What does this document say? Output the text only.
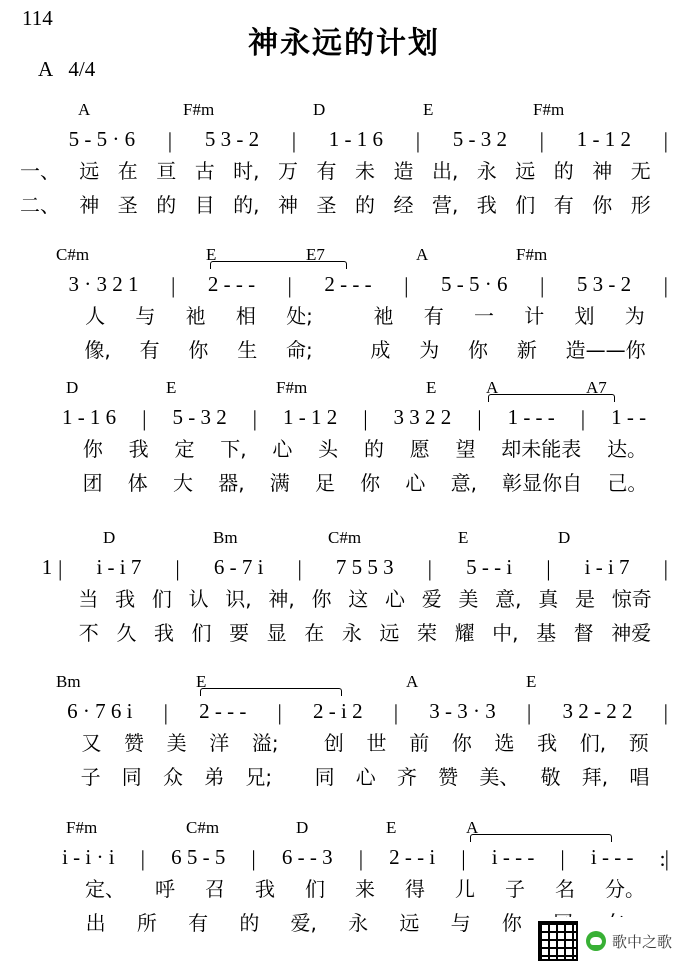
114
神永远的计划
A 4/4
A	F#m	D	E	F#m
5 - 5 · 6	|	5 3 - 2	|	1 - 1 6	|	5 - 3 2	|	1 - 1 2	|
一、 远 在 亘 古 时, 万 有 未 造 出, 永 远 的 神 无
二、 神 圣 的 目 的, 神 圣 的 经 营, 我 们 有 你 形
C#m	E	E7	A	F#m
3 · 3 2 1	|	2 - - -	|	2 - - -	|	5 - 5 · 6	|	5 3 - 2	|
人	与	祂	相	处;	祂	有	一	计	划	为
像,	有	你	生	命;	成	为	你	新	造——你
D	E	F#m	E	A	A7
1 - 1 6	|	5 - 3 2	|	1 - 1 2	|	3 3 2 2	|	1 - - -	|	1 - -
你	我	定	下,	心	头	的	愿	望	却未能表	达。
团	体	大	器,	满	足	你	心	意,	彰显你自	己。
D	Bm	C#m	E	D
1 |	i - i 7	|	6 - 7 i	|	7 5 5 3	|	5 - - i	|	i - i 7	|
当 我 们 认 识, 神, 你 这 心 爱 美 意, 真 是 惊奇
不 久 我 们 要 显 在 永 远 荣 耀 中, 基 督 神爱
Bm	E	A	E
6 · 7 6 i	|	2 - - -	|	2 - i 2	|	3 - 3 · 3	|	3 2 - 2 2	|
又	赞	美	洋	溢;	创	世	前	你	选	我	们,	预
子	同	众	弟	兄;	同	心	齐	赞	美、	敬	拜,	唱
F#m	C#m	D	E	A
i - i · i	|	6 5 - 5	|	6 - - 3	|	2 - - i	|	i - - -	|	i - - -	:|
定、	呼	召	我	们	来	得	儿	子	名	分。
出	所	有	的	爱,	永	远	与	你
歌中之歌
